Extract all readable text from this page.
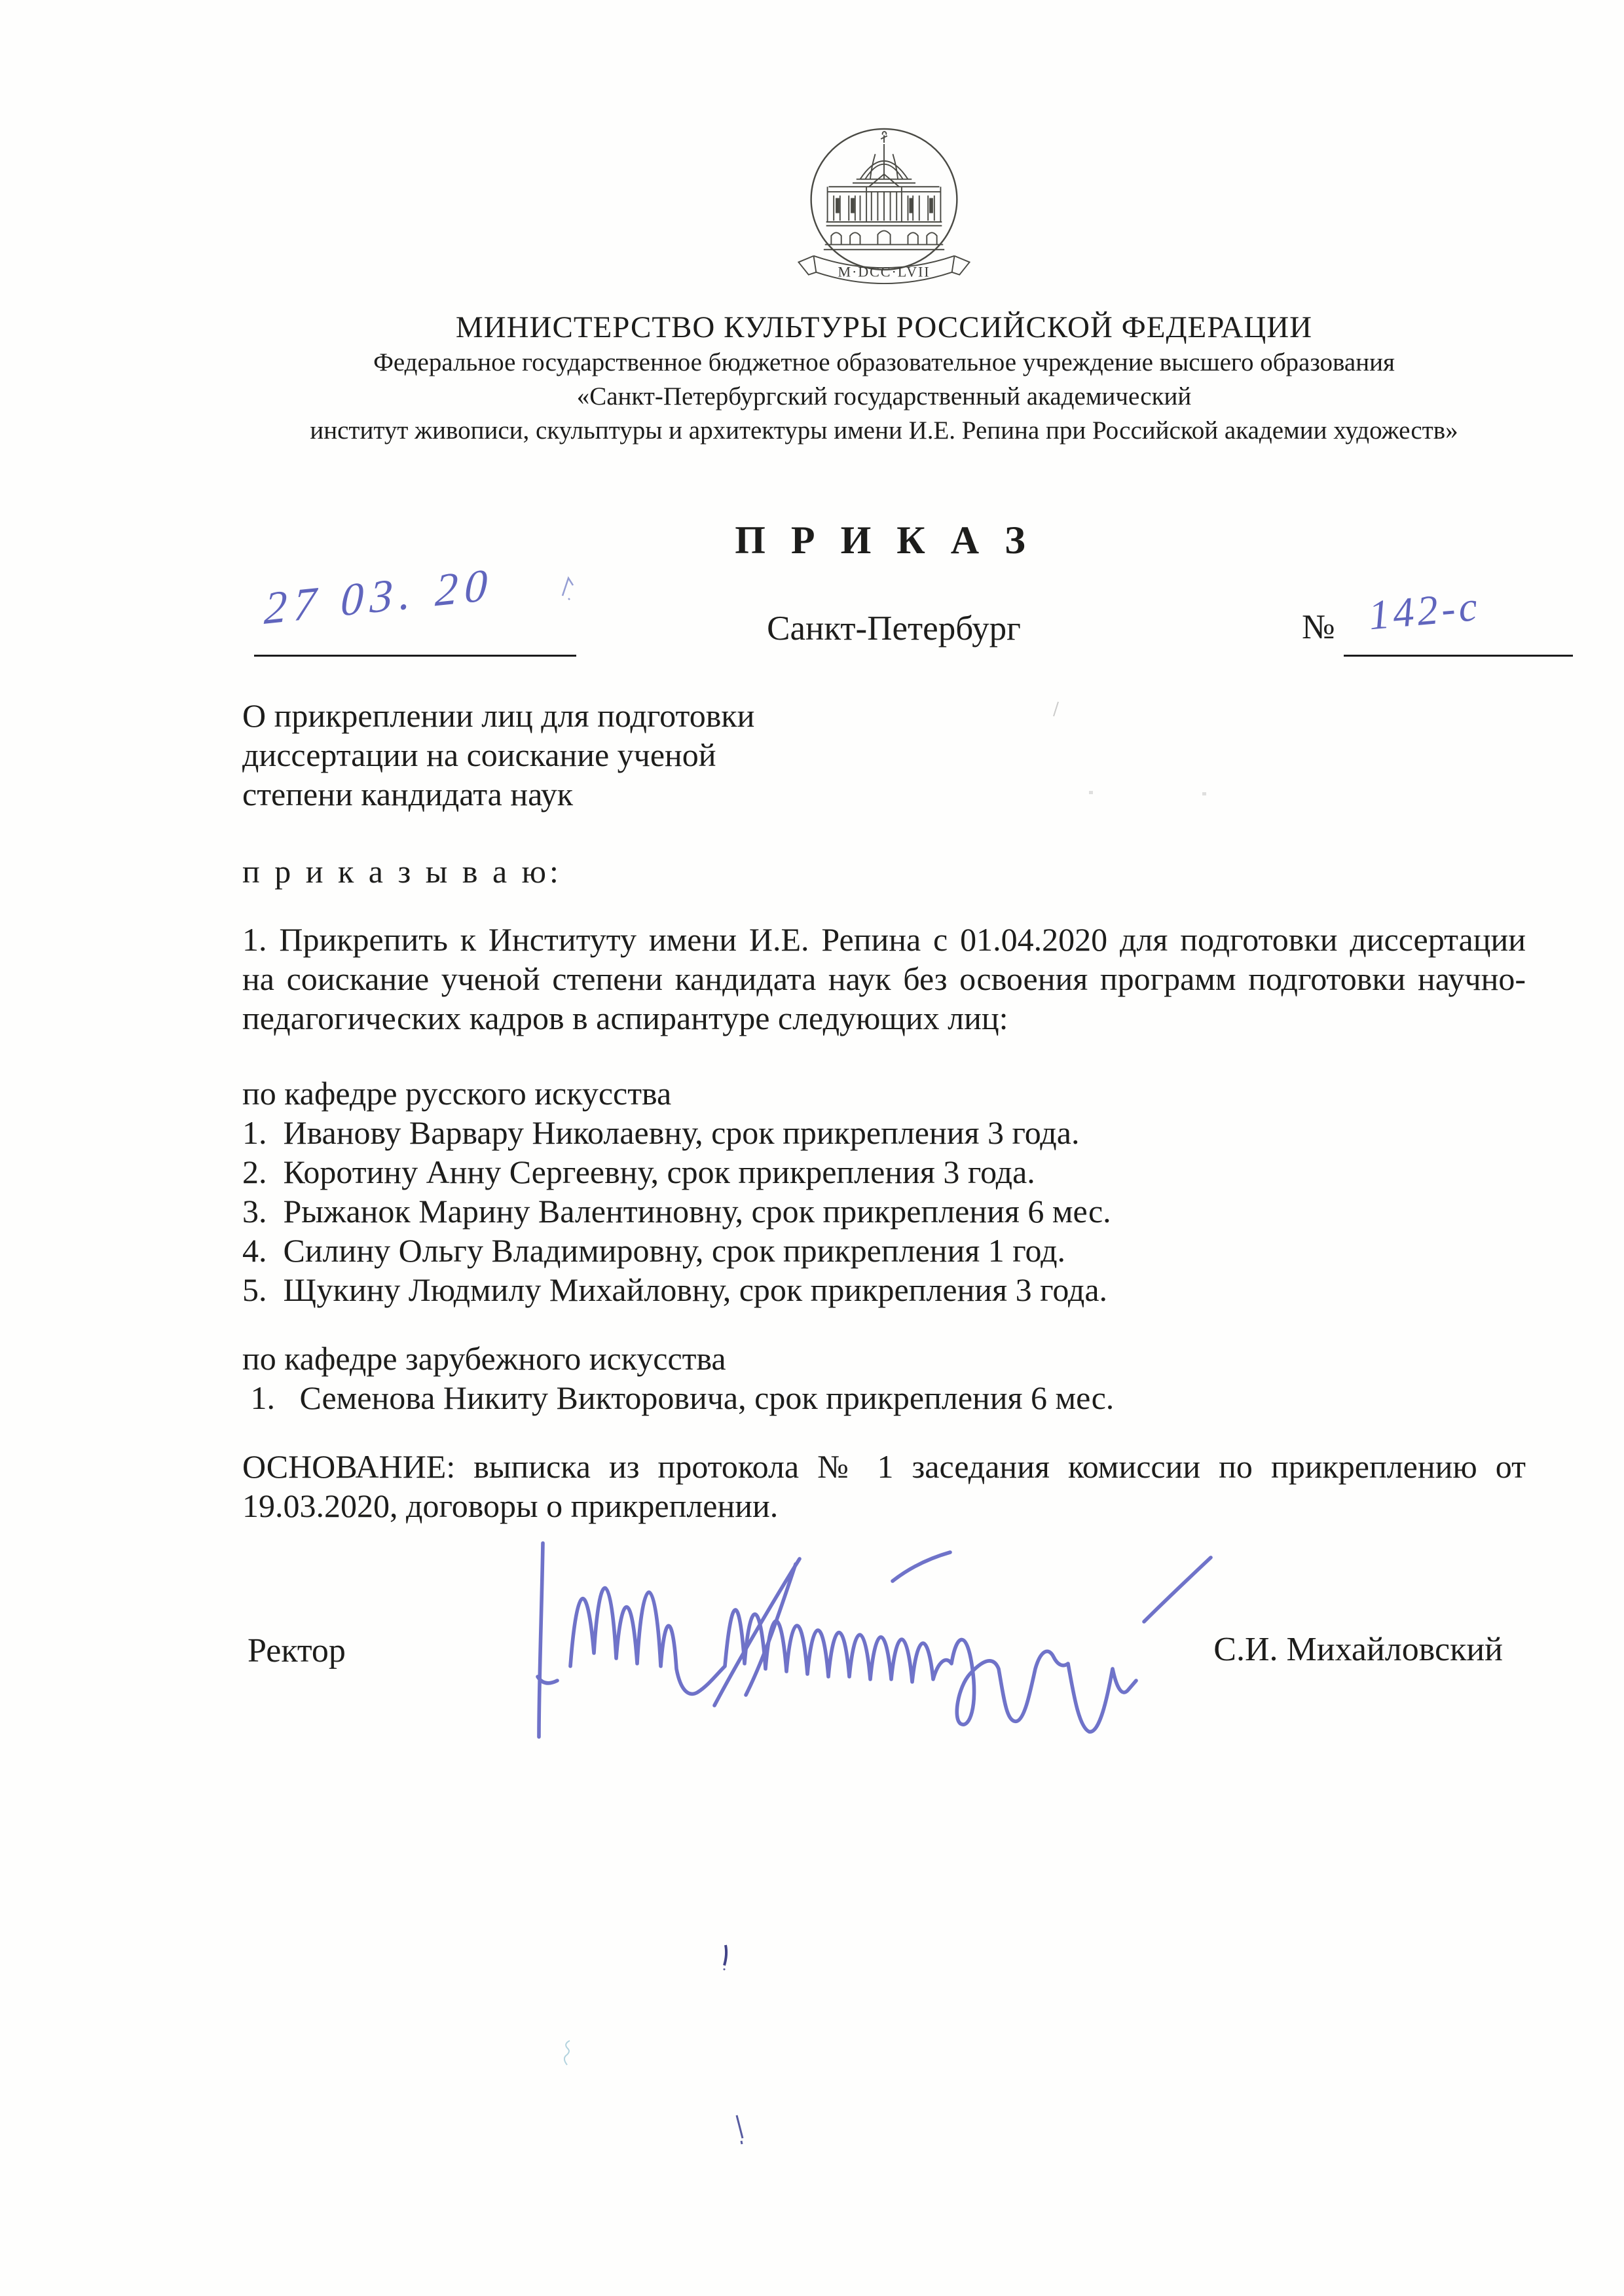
M·DCC·LVII
МИНИСТЕРСТВО КУЛЬТУРЫ РОССИЙСКОЙ ФЕДЕРАЦИИ
Федеральное государственное бюджетное образовательное учреждение высшего образования
«Санкт-Петербургский государственный академический
институт живописи, скульптуры и архитектуры имени И.Е. Репина при Российской академии художеств»
П Р И К А З
27 03. 20	Санкт-Петербург	№ 142-с
О прикреплении лиц для подготовки
диссертации на соискание ученой
степени кандидата наук
п р и к а з ы в а ю:
1. Прикрепить к Институту имени И.Е. Репина с 01.04.2020 для подготовки диссертации
на соискание ученой степени кандидата наук без освоения программ подготовки научно-
педагогических кадров в аспирантуре следующих лиц:
по кафедре русского искусства
1.  Иванову Варвару Николаевну, срок прикрепления 3 года.
2.  Коротину Анну Сергеевну, срок прикрепления 3 года.
3.  Рыжанок Марину Валентиновну, срок прикрепления 6 мес.
4.  Силину Ольгу Владимировну, срок прикрепления 1 год.
5.  Щукину Людмилу Михайловну, срок прикрепления 3 года.
по кафедре зарубежного искусства
1.   Семенова Никиту Викторовича, срок прикрепления 6 мес.
ОСНОВАНИЕ: выписка из протокола № 1 заседания комиссии по прикреплению от
19.03.2020, договоры о прикреплении.
Ректор	С.И. Михайловский
